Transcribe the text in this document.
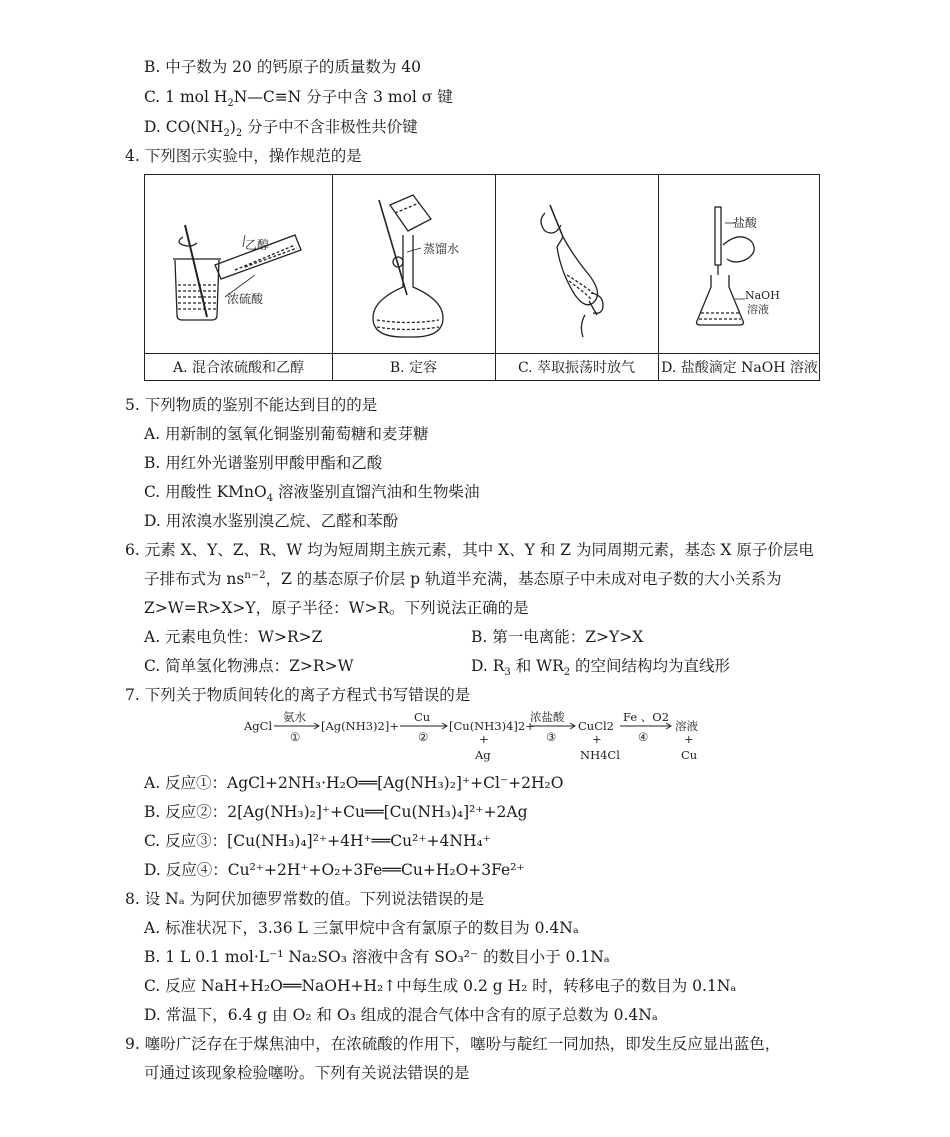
B. 中子数为 20 的钙原子的质量数为 40
C. 1 mol $H_2N—C\equiv N$ 分子中含 3 mol σ 键
D. $CO(NH_2)_2$ 分子中不含非极性共价键
4. 下列图示实验中，操作规范的是
A. 混合浓硫酸和乙醇	B. 定容	C. 萃取振荡时放气	D. 盐酸滴定 NaOH 溶液
乙醇
浓硫酸
蒸馏水
盐酸
NaOH
溶液
5. 下列物质的鉴别不能达到目的的是
A. 用新制的氢氧化铜鉴别葡萄糖和麦芽糖
B. 用红外光谱鉴别甲酸甲酯和乙酸
C. 用酸性 KMnO$_4$ 溶液鉴别直馏汽油和生物柴油
D. 用浓溴水鉴别溴乙烷、乙醛和苯酚
6. 元素 X、Y、Z、R、W 均为短周期主族元素，其中 X、Y 和 Z 为同周期元素，基态 X 原子价层电
子排布式为 $ns^{n-2}$，Z 的基态原子价层 p 轨道半充满，基态原子中未成对电子数的大小关系为
Z>W=R>X>Y，原子半径：W>R。下列说法正确的是
A. 元素电负性：W>R>Z	B. 第一电离能：Z>Y>X
C. 简单氢化物沸点：Z>R>W	D. $R_3$ 和 $WR_2$ 的空间结构均为直线形
7. 下列关于物质间转化的离子方程式书写错误的是
AgCl
氨水
①
[Ag(NH3)2]+
Cu
②
[Cu(NH3)4]2+
+
Ag
浓盐酸
③
CuCl2
+
NH4Cl
Fe 、O2
④
溶液
+
Cu
A. 反应①：AgCl+2NH₃·H₂O══[Ag(NH₃)₂]⁺+Cl⁻+2H₂O
B. 反应②：2[Ag(NH₃)₂]⁺+Cu══[Cu(NH₃)₄]²⁺+2Ag
C. 反应③：[Cu(NH₃)₄]²⁺+4H⁺══Cu²⁺+4NH₄⁺
D. 反应④：Cu²⁺+2H⁺+O₂+3Fe══Cu+H₂O+3Fe²⁺
8. 设 Nₐ 为阿伏加德罗常数的值。下列说法错误的是
A. 标准状况下，3.36 L 三氯甲烷中含有氯原子的数目为 0.4Nₐ
B. 1 L 0.1 mol·L⁻¹ Na₂SO₃ 溶液中含有 SO₃²⁻ 的数目小于 0.1Nₐ
C. 反应 NaH+H₂O══NaOH+H₂↑中每生成 0.2 g H₂ 时，转移电子的数目为 0.1Nₐ
D. 常温下，6.4 g 由 O₂ 和 O₃ 组成的混合气体中含有的原子总数为 0.4Nₐ
9. 噻吩广泛存在于煤焦油中，在浓硫酸的作用下，噻吩与靛红一同加热，即发生反应显出蓝色，
可通过该现象检验噻吩。下列有关说法错误的是
